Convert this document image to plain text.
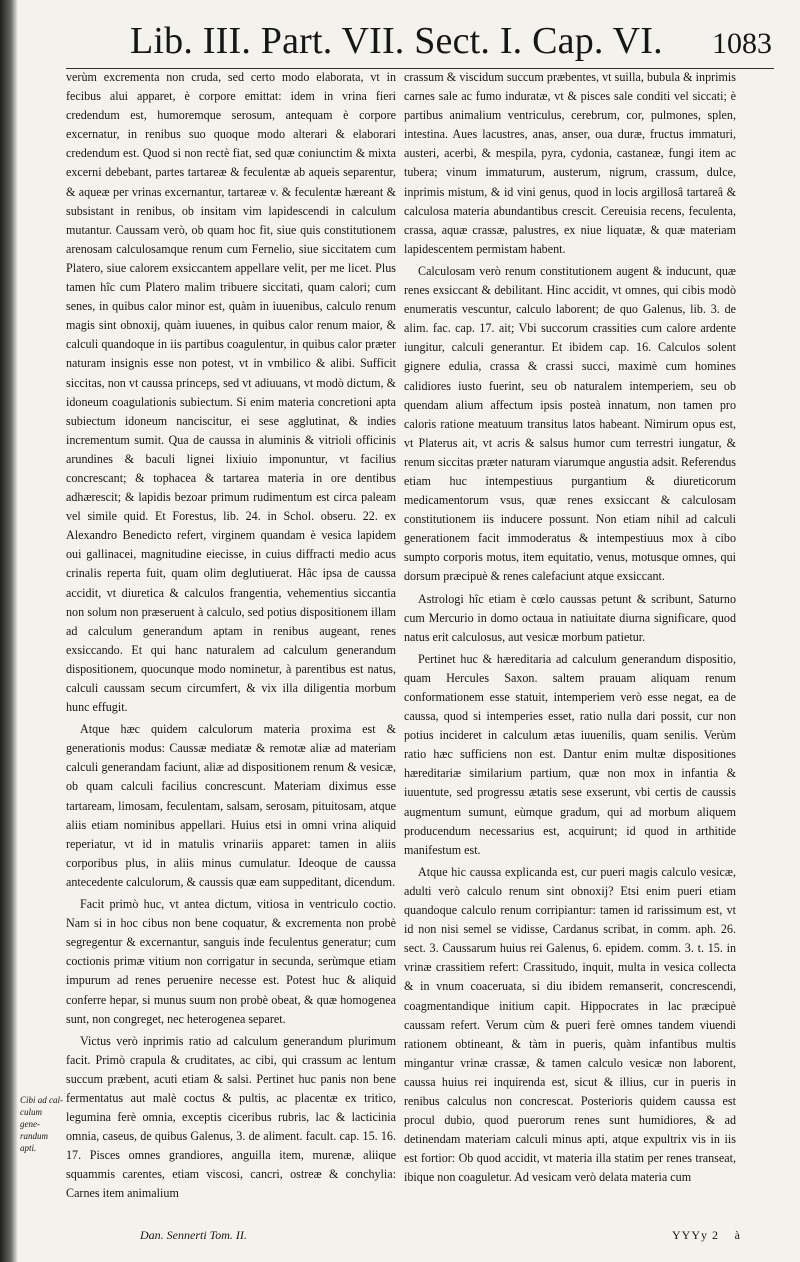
Lib. III. Part. VII. Sect. I. Cap. VI. 1083

verùm excrementa non cruda, sed certo modo elaborata, vt in fecibus alui apparet, è corpore emittat: idem in vrina fieri credendum est, humoremque serosum, antequam è corpore excernatur, in renibus suo quoque modo alterari & elaborari credendum est. Quod si non rectè fiat, sed quæ coniunctim & mixta excerni debebant, partes tartareæ & feculentæ ab aqueis separentur, & aqueæ per vrinas excernantur, tartareæ v. & feculentæ hæreant & subsistant in renibus, ob insitam vim lapidescendi in calculum mutantur. Caussam verò, ob quam hoc fit, siue quis constitutionem arenosam calculosamque renum cum Fernelio, siue siccitatem cum Platero, siue calorem exsiccantem appellare velit, per me licet. Plus tamen hîc cum Platero malim tribuere siccitati, quam calori; cum senes, in quibus calor minor est, quàm in iuuenibus, calculo renum magis sint obnoxij, quàm iuuenes, in quibus calor renum maior, & calculi quandoque in iis partibus coagulentur, in quibus calor præter naturam insignis esse non potest, vt in vmbilico & alibi. Sufficit siccitas, non vt caussa princeps, sed vt adiuuans, vt modò dictum, & idoneum coagulationis subiectum. Si enim materia concretioni apta subiectum idoneum nanciscitur, ei sese agglutinat, & indies incrementum sumit. Qua de caussa in aluminis & vitrioli officinis arundines & baculi lignei lixiuio imponuntur, vt facilius concrescant; & tophacea & tartarea materia in ore dentibus adhærescit; & lapidis bezoar primum rudimentum est circa paleam vel simile quid. Et Forestus, lib. 24. in Schol. obseru. 22. ex Alexandro Benedicto refert, virginem quandam è vesica lapidem oui gallinacei, magnitudine eiecisse, in cuius diffracti medio acus crinalis reperta fuit, quam olim deglutiuerat. Hâc ipsa de caussa accidit, vt diuretica & calculos frangentia, vehementius siccantia non solum non præseruent à calculo, sed potius dispositionem illam ad calculum generandum aptam in renibus augeant, renes exsiccando. Et qui hanc naturalem ad calculum generandum dispositionem, quocunque modo nominetur, à parentibus est natus, calculi caussam secum circumfert, & vix illa diligentia morbum hunc effugit.

Atque hæc quidem calculorum materia proxima est & generationis modus: Caussæ mediatæ & remotæ aliæ ad materiam calculi generandam faciunt, aliæ ad dispositionem renum & vesicæ, ob quam calculi facilius concrescunt. Materiam diximus esse tartaream, limosam, feculentam, salsam, serosam, pituitosam, atque aliis etiam nominibus appellari. Huius etsi in omni vrina aliquid reperiatur, vt id in matulis vrinariis apparet: tamen in aliis corporibus plus, in aliis minus cumulatur. Ideoque de caussa antecedente calculorum, & caussis quæ eam suppeditant, dicendum.

Facit primò huc, vt antea dictum, vitiosa in ventriculo coctio. Nam si in hoc cibus non bene coquatur, & excrementa non probè segregentur & excernantur, sanguis inde feculentus generatur; cum coctionis primæ vitium non corrigatur in secunda, serùmque etiam impurum ad renes peruenire necesse est. Potest huc & aliquid conferre hepar, si munus suum non probè obeat, & quæ homogenea sunt, non congreget, nec heterogenea separet.

Victus verò inprimis ratio ad calculum generandum plurimum facit. Primò crapula & cruditates, ac cibi, qui crassum ac lentum succum præbent, acuti etiam & salsi. Pertinet huc panis non bene fermentatus aut malè coctus & pultis, ac placentæ ex tritico, legumina ferè omnia, exceptis ciceribus rubris, lac & lacticinia omnia, caseus, de quibus Galenus, 3. de aliment. facult. cap. 15. 16. 17. Pisces omnes grandiores, anguilla item, murenæ, aliique squammis carentes, etiam viscosi, cancri, ostreæ & conchylia: Carnes item animalium

crassum & viscidum succum præbentes, vt suilla, bubula & inprimis carnes sale ac fumo induratæ, vt & pisces sale conditi vel siccati; è partibus animalium ventriculus, cerebrum, cor, pulmones, splen, intestina. Aues lacustres, anas, anser, oua duræ, fructus immaturi, austeri, acerbi, & mespila, pyra, cydonia, castaneæ, fungi item ac tubera; vinum immaturum, austerum, nigrum, crassum, dulce, inprimis mistum, & id vini genus, quod in locis argillosâ tartareâ & calculosa materia abundantibus crescit. Cereuisia recens, feculenta, crassa, aquæ crassæ, palustres, ex niue liquatæ, & quæ materiam lapidescentem permistam habent.

Calculosam verò renum constitutionem augent & inducunt, quæ renes exsiccant & debilitant. Hinc accidit, vt omnes, qui cibis modò enumeratis vescuntur, calculo laborent; de quo Galenus, lib. 3. de alim. fac. cap. 17. ait; Vbi succorum crassities cum calore ardente iungitur, calculi generantur. Et ibidem cap. 16. Calculos solent gignere edulia, crassa & crassi succi, maximè cum homines calidiores iusto fuerint, seu ob naturalem intemperiem, seu ob quendam alium affectum ipsis posteà innatum, non tamen pro caloris ratione meatuum transitus latos habeant. Nimirum opus est, vt Platerus ait, vt acris & salsus humor cum terrestri iungatur, & renum siccitas præter naturam viarumque angustia adsit. Referendus etiam huc intempestiuus purgantium & diureticorum medicamentorum vsus, quæ renes exsiccant & calculosam constitutionem iis inducere possunt. Non etiam nihil ad calculi generationem facit immoderatus & intempestiuus mox à cibo sumpto corporis motus, item equitatio, venus, motusque omnes, qui dorsum præcipuè & renes calefaciunt atque exsiccant.

Astrologi hîc etiam è cœlo caussas petunt & scribunt, Saturno cum Mercurio in domo octaua in natiuitate diurna significare, quod natus erit calculosus, aut vesicæ morbum patietur.

Pertinet huc & hæreditaria ad calculum generandum dispositio, quam Hercules Saxon. saltem prauam aliquam renum conformationem esse statuit, intemperiem verò esse negat, ea de caussa, quod si intemperies esset, ratio nulla dari possit, cur non potius incideret in calculum ætas iuuenilis, quam senilis. Verùm ratio hæc sufficiens non est. Dantur enim multæ dispositiones hæreditariæ similarium partium, quæ non mox in infantia & iuuentute, sed progressu ætatis sese exserunt, vbi certis de caussis augmentum sumunt, eùmque gradum, qui ad morbum aliquem producendum necessarius est, acquirunt; id quod in arthitide manifestum est.

Atque hic caussa explicanda est, cur pueri magis calculo vesicæ, adulti verò calculo renum sint obnoxij? Etsi enim pueri etiam quandoque calculo renum corripiantur: tamen id rarissimum est, vt id non nisi semel se vidisse, Cardanus scribat, in comm. aph. 26. sect. 3. Caussarum huius rei Galenus, 6. epidem. comm. 3. t. 15. in vrinæ crassitiem refert: Crassitudo, inquit, multa in vesica collecta & in vnum coaceruata, si diu ibidem remanserit, concrescendi, coagmentandique initium capit. Hippocrates in lac præcipuè caussam refert. Verum cùm & pueri ferè omnes tandem viuendi rationem obtineant, & tàm in pueris, quàm infantibus multis mingantur vrinæ crassæ, & tamen calculo vesicæ non laborent, caussa huius rei inquirenda est, sicut & illius, cur in pueris in renibus calculus non concrescat. Posterioris quidem caussa est procul dubio, quod puerorum renes sunt humidiores, & ad detinendam materiam calculi minus apti, atque expultrix vis in iis est fortior: Ob quod accidit, vt materia illa statim per renes transeat, ibique non coaguletur. Ad vesicam verò delata materia cum

Cibi ad cal-
culum gene-
randum apti.
Dan. Sennerti Tom. II.	YYYy 2 à
